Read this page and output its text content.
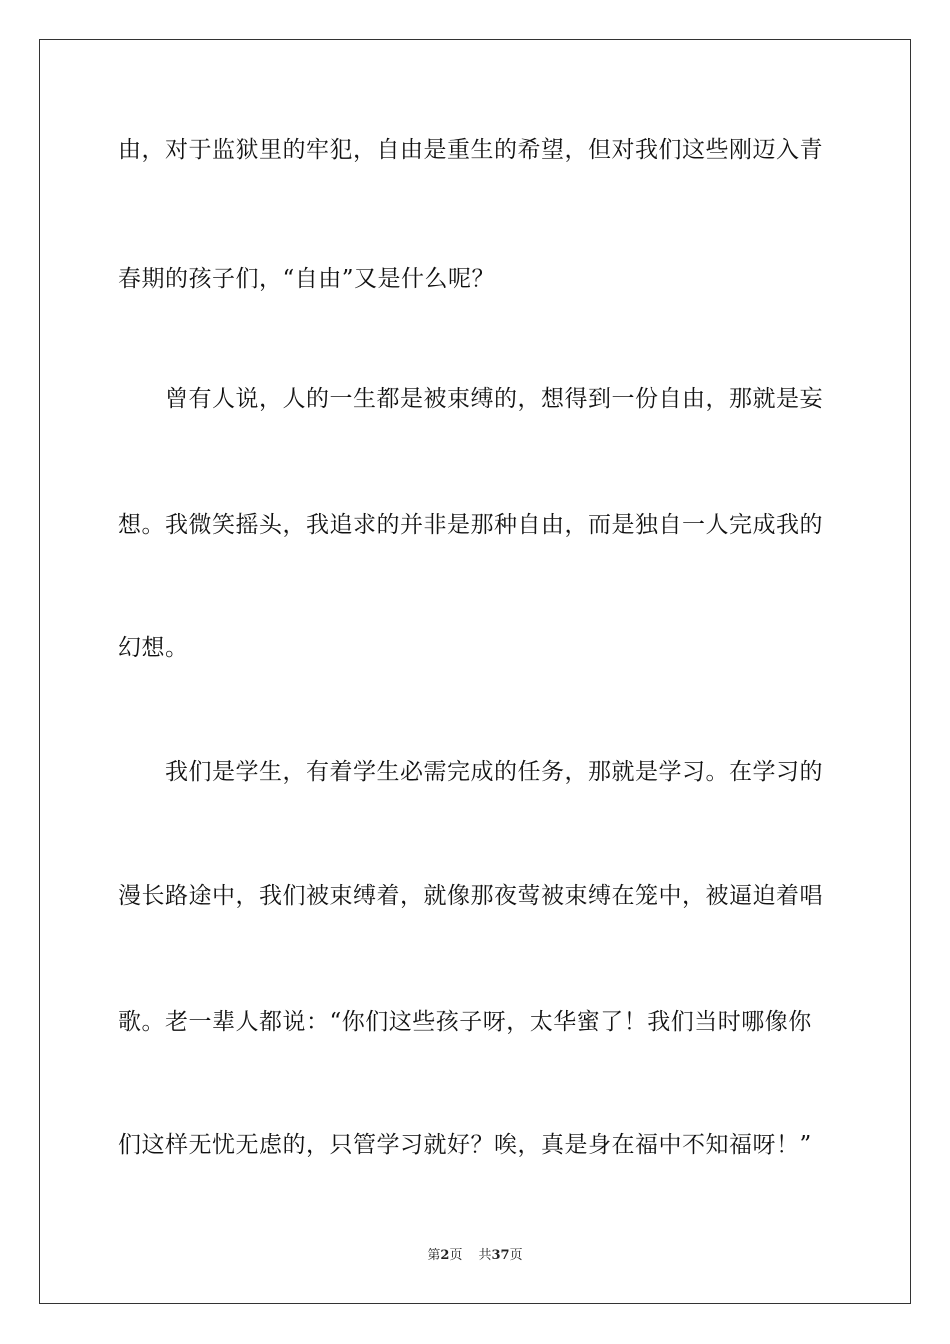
由，对于监狱里的牢犯，自由是重生的希望，但对我们这些刚迈入青
春期的孩子们，“自由”又是什么呢？
曾有人说，人的一生都是被束缚的，想得到一份自由，那就是妄
想。我微笑摇头，我追求的并非是那种自由，而是独自一人完成我的
幻想。
我们是学生，有着学生必需完成的任务，那就是学习。在学习的
漫长路途中，我们被束缚着，就像那夜莺被束缚在笼中，被逼迫着唱
歌。老一辈人都说：“你们这些孩子呀，太华蜜了！我们当时哪像你
们这样无忧无虑的，只管学习就好？唉，真是身在福中不知福呀！”
第2页 共37页
